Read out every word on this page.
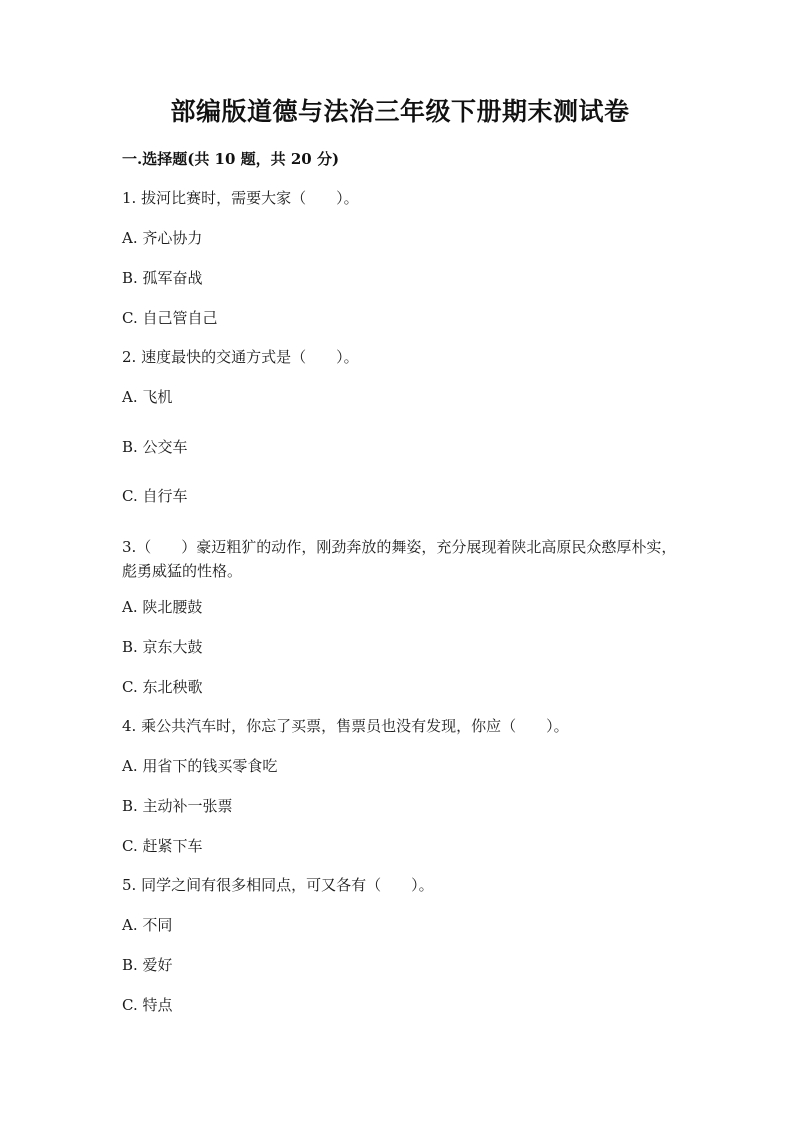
部编版道德与法治三年级下册期末测试卷
一.选择题(共 10 题，共 20 分)
1. 拔河比赛时，需要大家（　　）。
A. 齐心协力
B. 孤军奋战
C. 自己管自己
2. 速度最快的交通方式是（　　）。
A. 飞机
B. 公交车
C. 自行车
3.（　　）豪迈粗犷的动作，刚劲奔放的舞姿，充分展现着陕北高原民众憨厚朴实，彪勇威猛的性格。
A. 陕北腰鼓
B. 京东大鼓
C. 东北秧歌
4. 乘公共汽车时，你忘了买票，售票员也没有发现，你应（　　）。
A. 用省下的钱买零食吃
B. 主动补一张票
C. 赶紧下车
5. 同学之间有很多相同点，可又各有（　　）。
A. 不同
B. 爱好
C. 特点
